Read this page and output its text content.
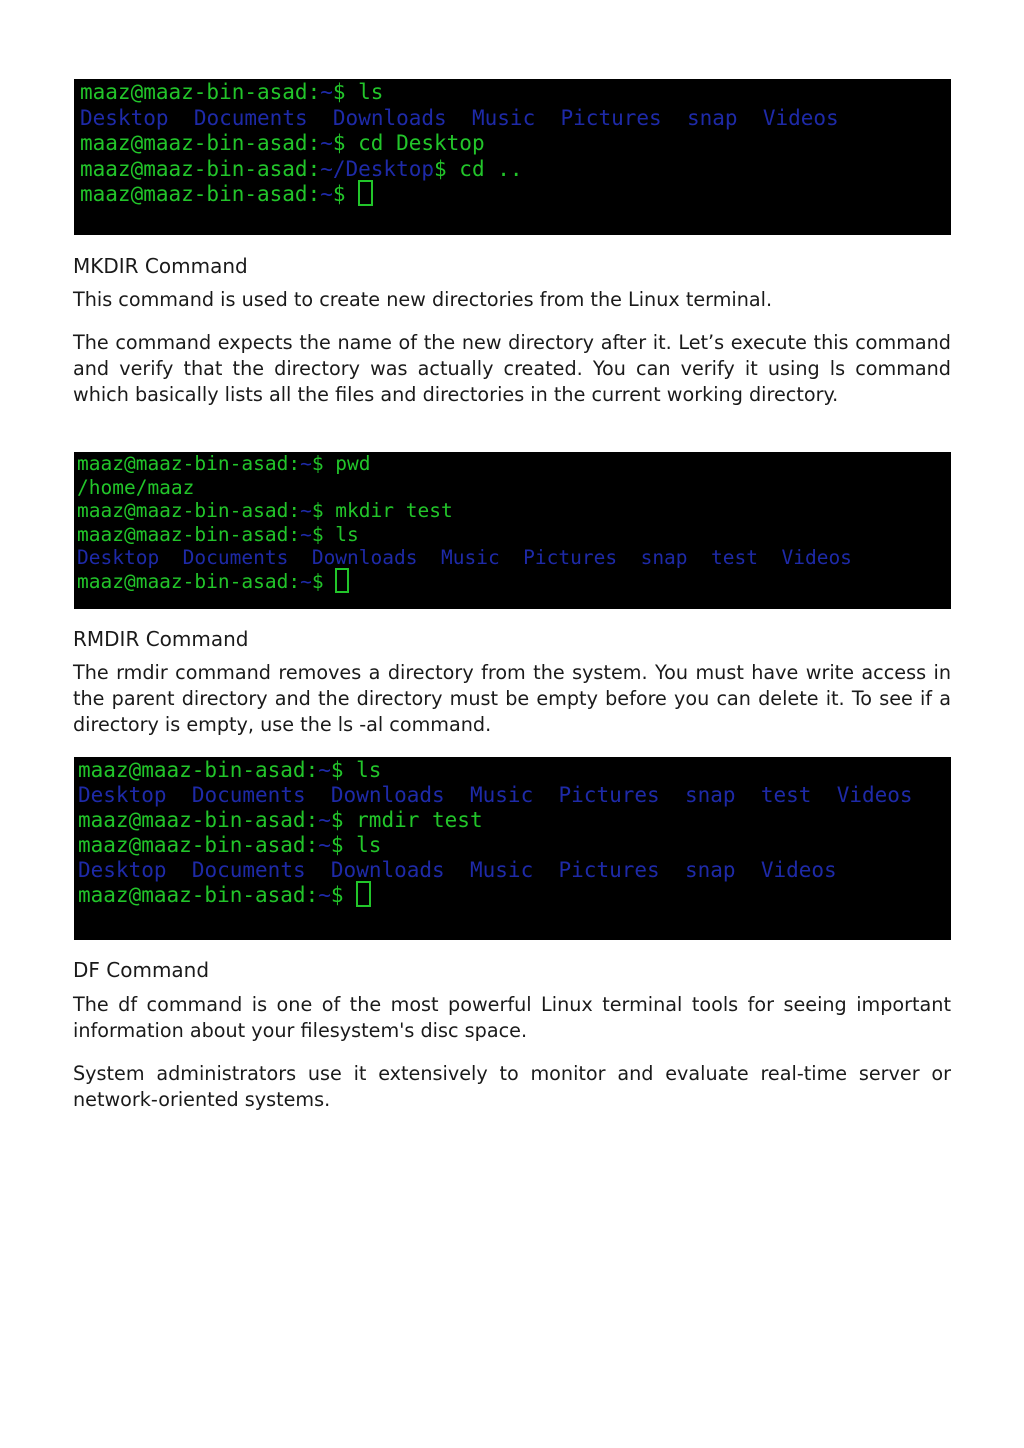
maaz@maaz-bin-asad:~$ ls
Desktop Documents Downloads Music Pictures snap Videos
maaz@maaz-bin-asad:~$ cd Desktop
maaz@maaz-bin-asad:~/Desktop$ cd ..
maaz@maaz-bin-asad:~$
MKDIR Command

This command is used to create new directories from the Linux terminal.

The command expects the name of the new directory after it. Let’s execute this command and verify that the directory was actually created. You can verify it using ls command which basically lists all the files and directories in the current working directory.

maaz@maaz-bin-asad:~$ pwd
/home/maaz
maaz@maaz-bin-asad:~$ mkdir test
maaz@maaz-bin-asad:~$ ls
Desktop Documents Downloads Music Pictures snap test Videos
maaz@maaz-bin-asad:~$
RMDIR Command

The rmdir command removes a directory from the system. You must have write access in the parent directory and the directory must be empty before you can delete it. To see if a directory is empty, use the ls -al command.

maaz@maaz-bin-asad:~$ ls
Desktop Documents Downloads Music Pictures snap test Videos
maaz@maaz-bin-asad:~$ rmdir test
maaz@maaz-bin-asad:~$ ls
Desktop Documents Downloads Music Pictures snap Videos
maaz@maaz-bin-asad:~$
DF Command

The df command is one of the most powerful Linux terminal tools for seeing important information about your filesystem's disc space.

System administrators use it extensively to monitor and evaluate real-time server or network-oriented systems.
